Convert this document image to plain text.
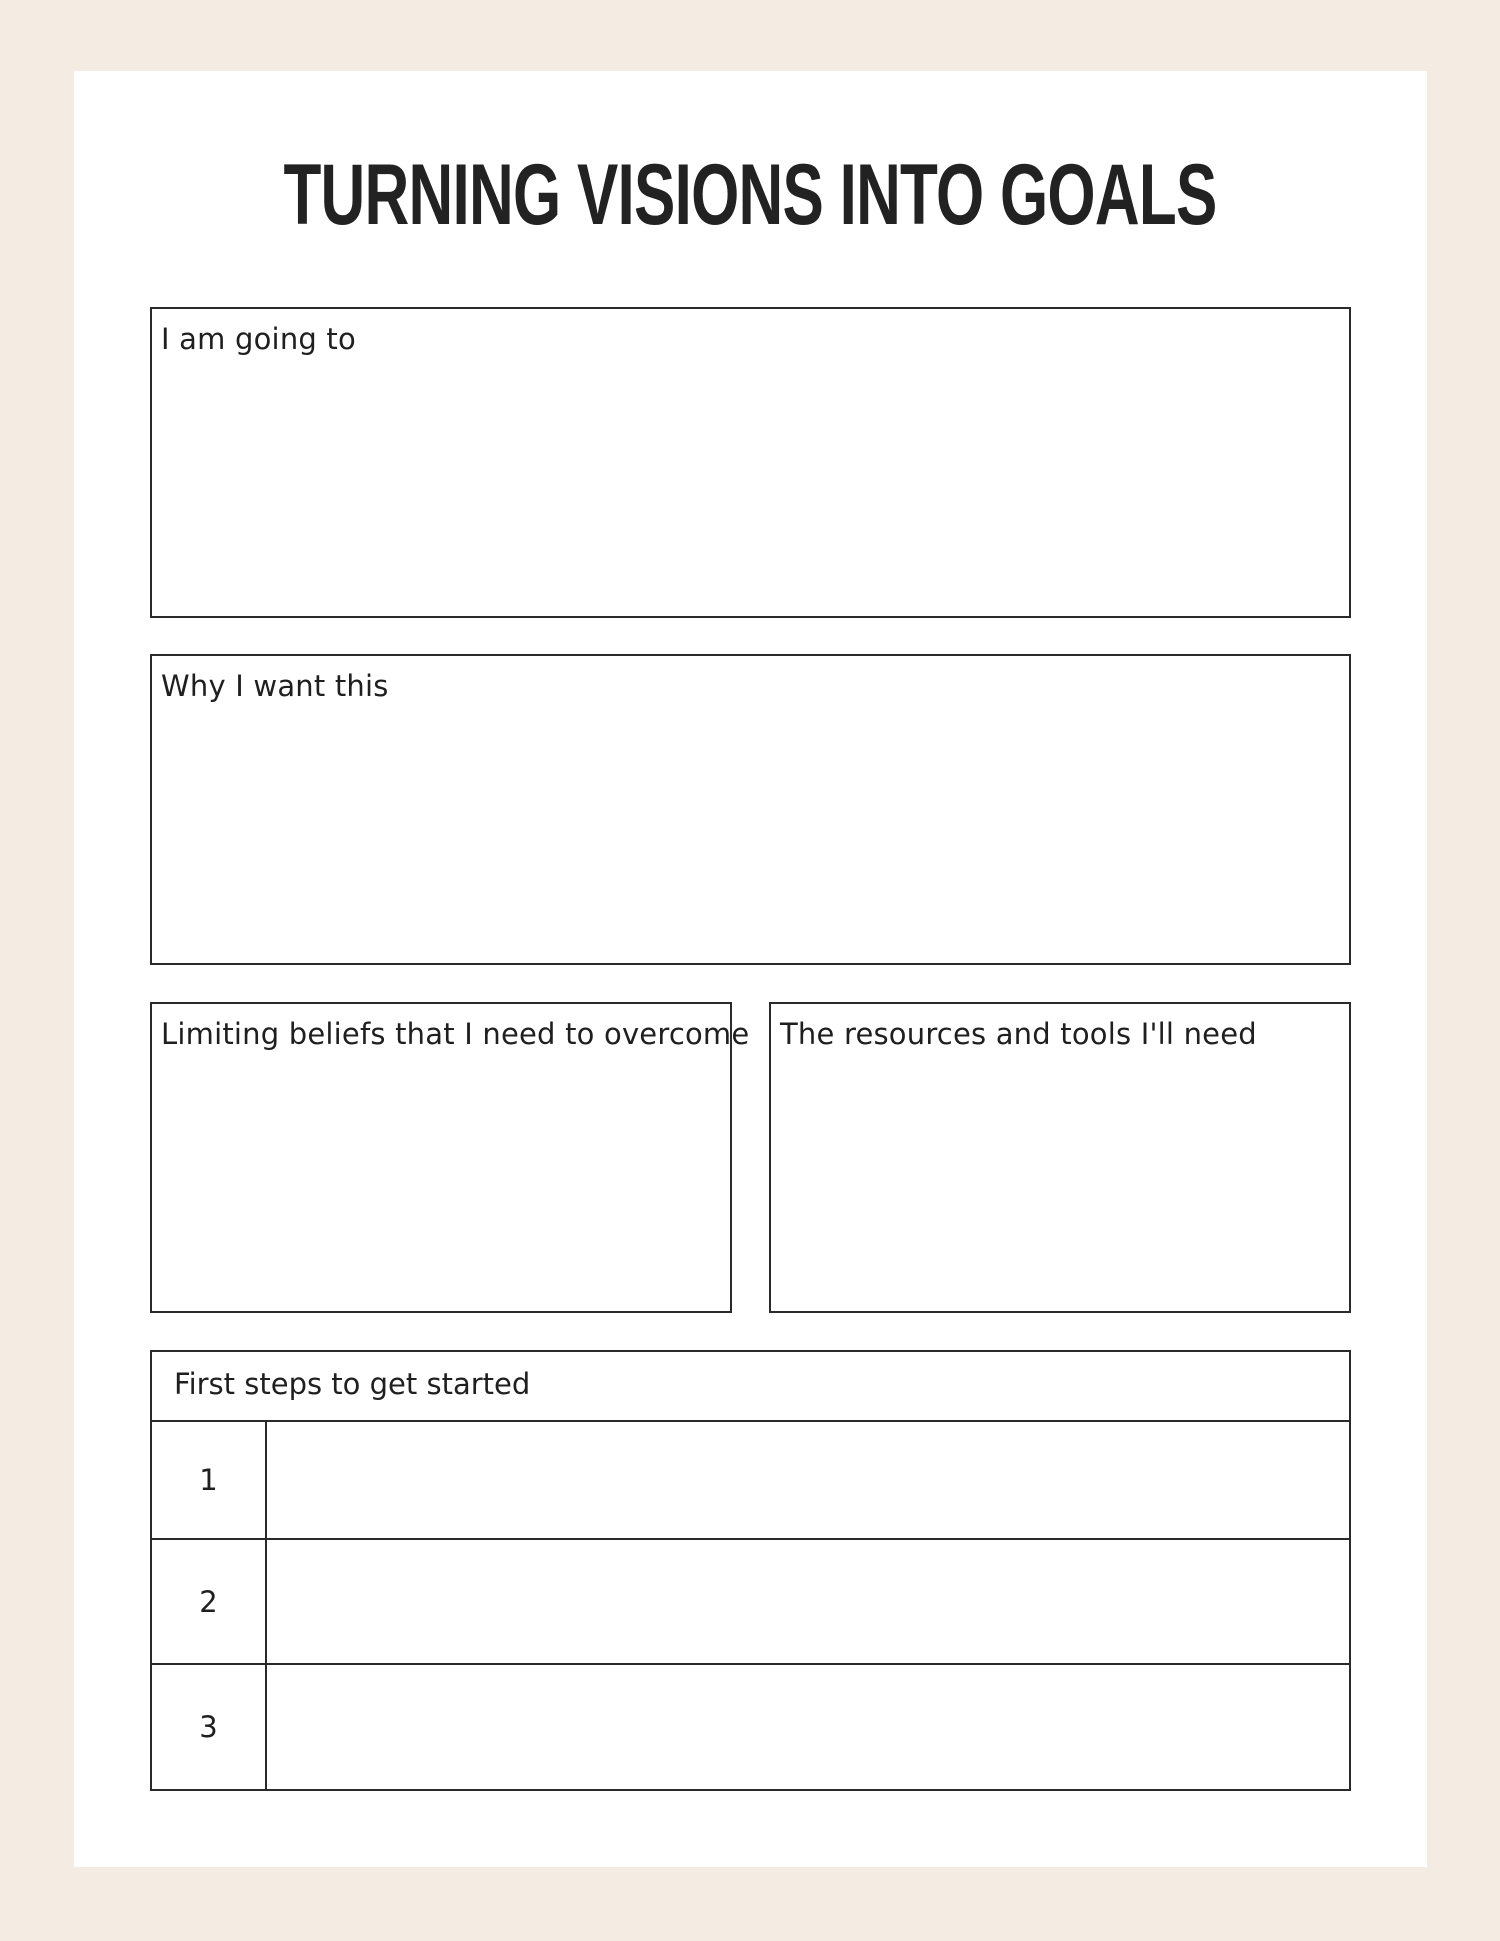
TURNING VISIONS INTO GOALS
I am going to
Why I want this
Limiting beliefs that I need to overcome The resources and tools I'll need
First steps to get started
1
2
3
